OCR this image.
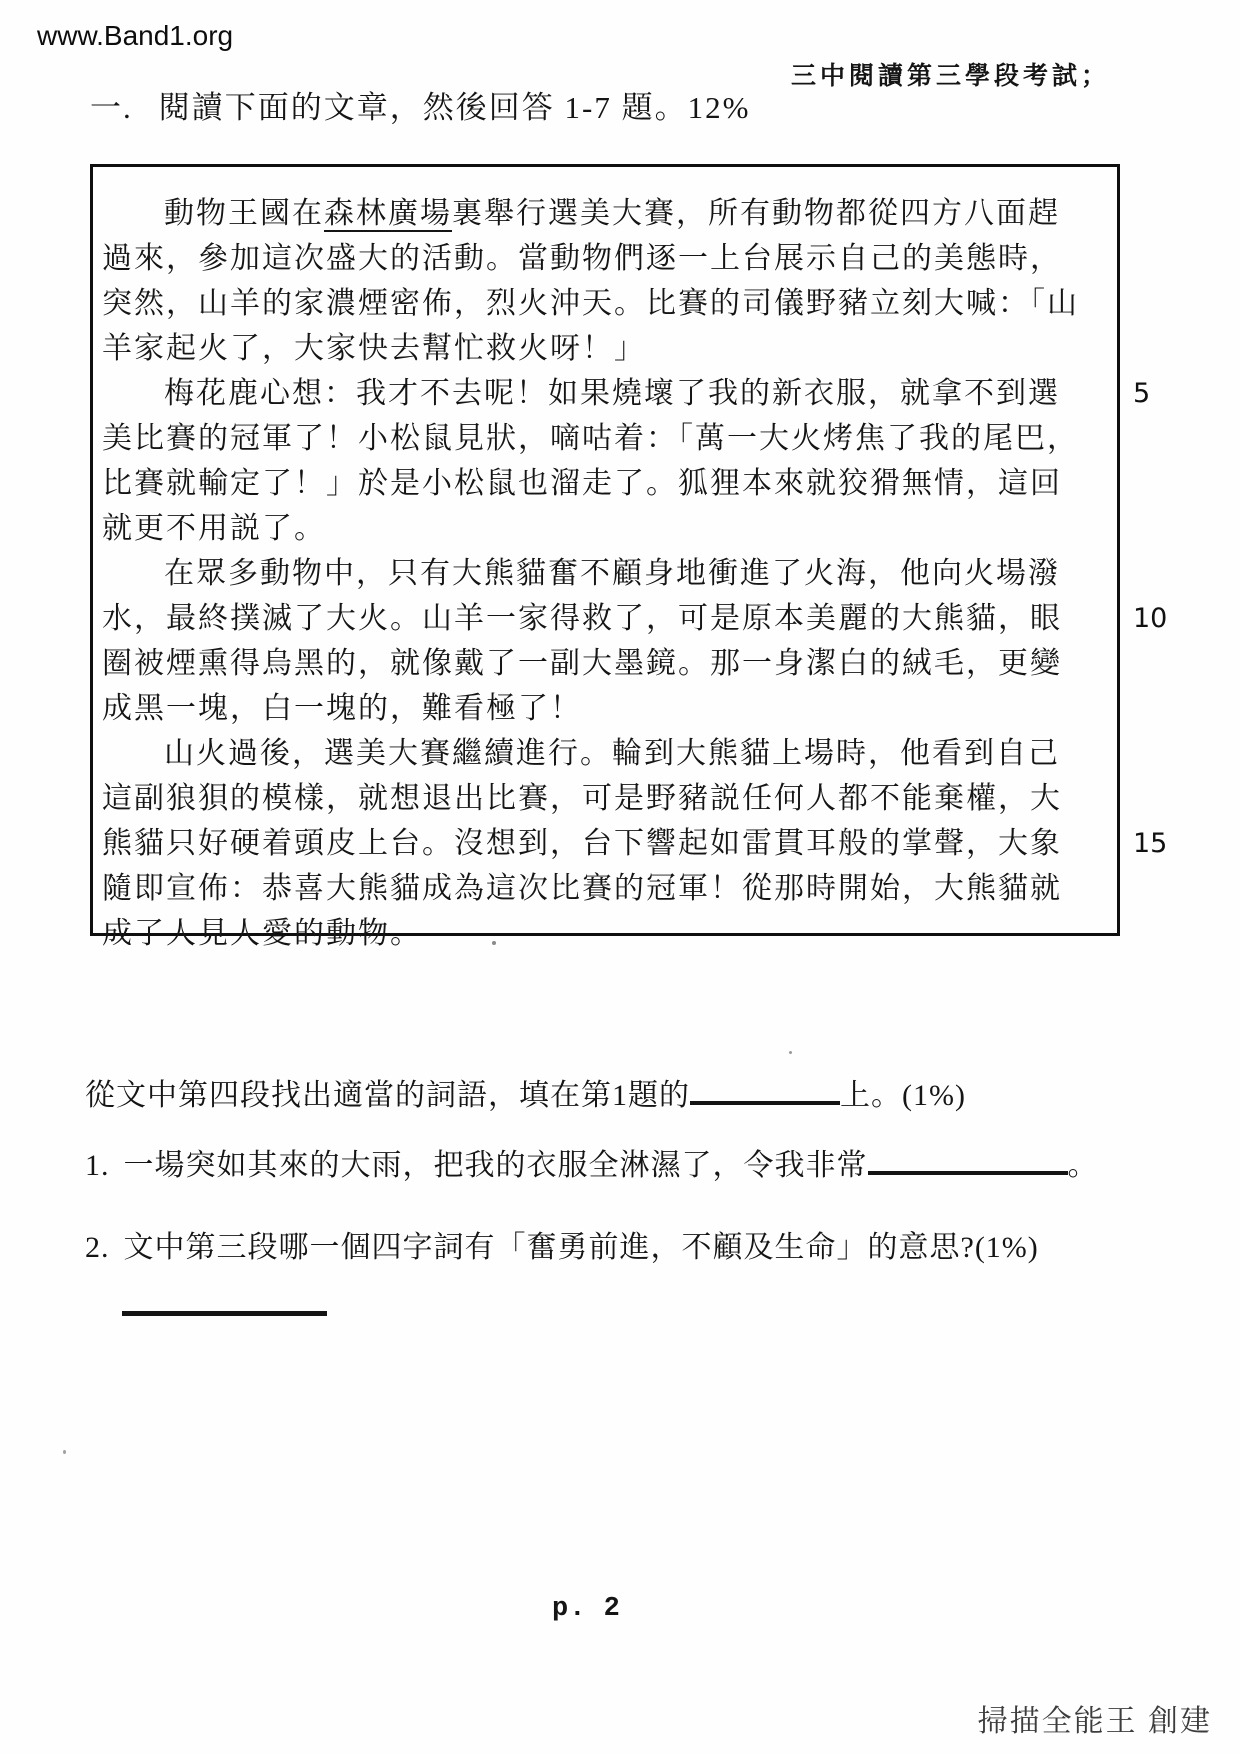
www.Band1.org
三中閱讀第三學段考試；
一. 閱讀下面的文章，然後回答 1-7 題。12%
動物王國在森林廣場裏舉行選美大賽，所有動物都從四方八面趕
過來，參加這次盛大的活動。當動物們逐一上台展示自己的美態時，
突然，山羊的家濃煙密佈，烈火沖天。比賽的司儀野豬立刻大喊：「山
羊家起火了，大家快去幫忙救火呀！」
梅花鹿心想：我才不去呢！如果燒壞了我的新衣服，就拿不到選	5
美比賽的冠軍了！小松鼠見狀，嘀咕着：「萬一大火烤焦了我的尾巴，
比賽就輸定了！」於是小松鼠也溜走了。狐狸本來就狡猾無情，這回
就更不用説了。
在眾多動物中，只有大熊貓奮不顧身地衝進了火海，他向火場潑
水，最終撲滅了大火。山羊一家得救了，可是原本美麗的大熊貓，眼	10
圈被煙熏得烏黑的，就像戴了一副大墨鏡。那一身潔白的絨毛，更變
成黑一塊，白一塊的，難看極了！
山火過後，選美大賽繼續進行。輪到大熊貓上場時，他看到自己
這副狼狽的模樣，就想退出比賽，可是野豬説任何人都不能棄權，大
熊貓只好硬着頭皮上台。沒想到，台下響起如雷貫耳般的掌聲，大象	15
隨即宣佈：恭喜大熊貓成為這次比賽的冠軍！從那時開始，大熊貓就
成了人見人愛的動物。
從文中第四段找出適當的詞語，填在第1題的	上。(1%)
1. 一場突如其來的大雨，把我的衣服全淋濕了，令我非常	。
2. 文中第三段哪一個四字詞有「奮勇前進，不顧及生命」的意思?(1%)
p. 2
掃描全能王 創建
